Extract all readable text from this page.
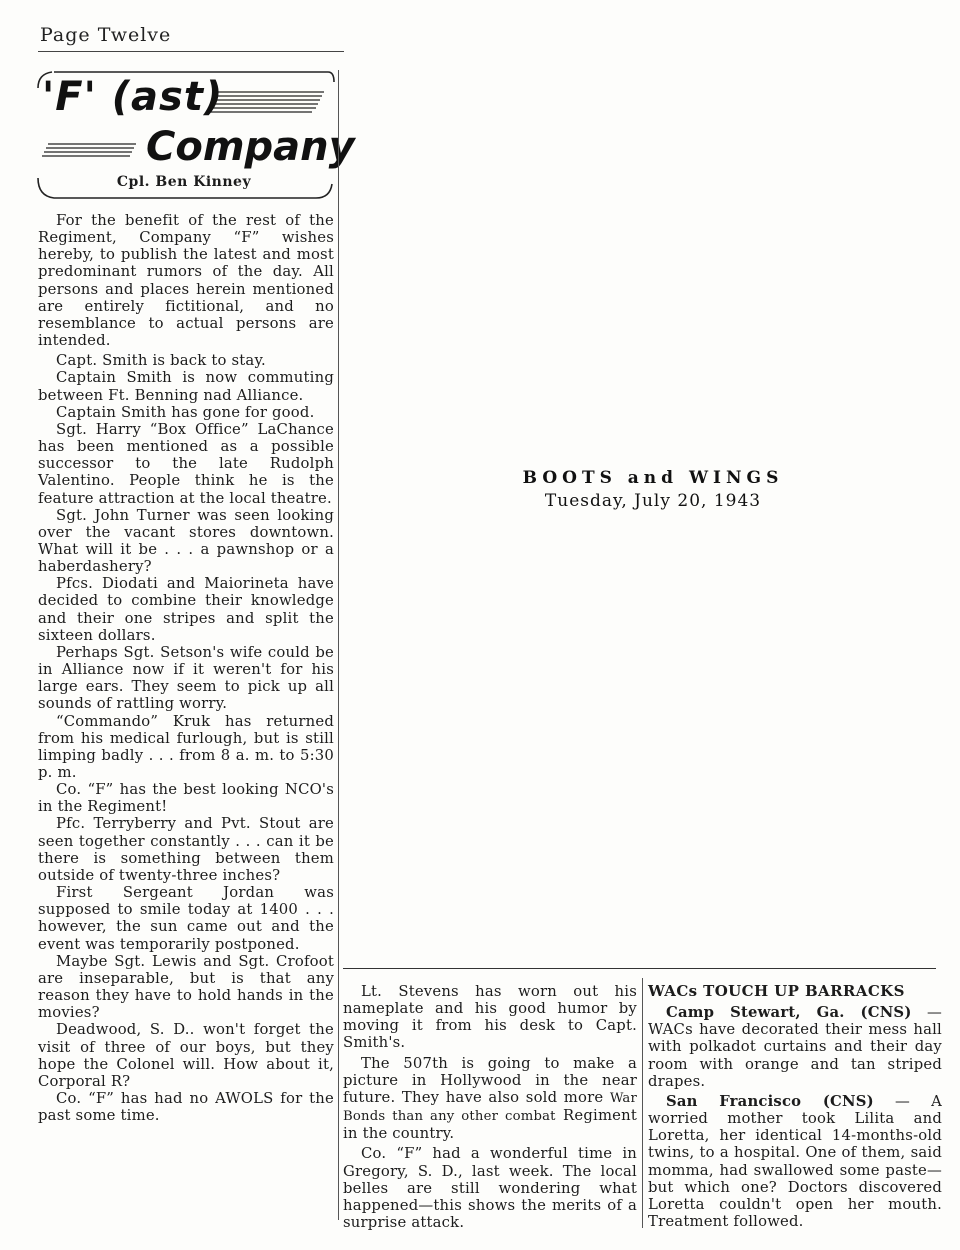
Page Twelve
'F' (ast)
Company
Cpl. Ben Kinney

For the benefit of the rest of the Regiment, Company “F” wishes hereby, to publish the latest and most predominant rumors of the day. All persons and places herein mentioned are entirely fictitional, and no resemblance to actual persons are intended.

Capt. Smith is back to stay.

Captain Smith is now commuting between Ft. Benning nad Alliance.

Captain Smith has gone for good.

Sgt. Harry “Box Office” LaChance has been mentioned as a possible successor to the late Rudolph Valentino. People think he is the feature attraction at the local theatre.

Sgt. John Turner was seen looking over the vacant stores downtown. What will it be . . . a pawnshop or a haberdashery?

Pfcs. Diodati and Maiorineta have decided to combine their knowledge and their one stripes and split the sixteen dollars.

Perhaps Sgt. Setson's wife could be in Alliance now if it weren't for his large ears. They seem to pick up all sounds of rattling worry.

“Commando” Kruk has returned from his medical furlough, but is still limping badly . . . from 8 a. m. to 5:30 p. m.

Co. “F” has the best looking NCO's in the Regiment!

Pfc. Terryberry and Pvt. Stout are seen together constantly . . . can it be there is something between them outside of twenty-three inches?

First Sergeant Jordan was supposed to smile today at 1400 . . . however, the sun came out and the event was temporarily postponed.

Maybe Sgt. Lewis and Sgt. Crofoot are inseparable, but is that any reason they have to hold hands in the movies?

Deadwood, S. D.. won't forget the visit of three of our boys, but they hope the Colonel will. How about it, Corporal R?

Co. “F” has had no AWOLS for the past some time.

BOOTS and WINGS
Tuesday, July 20, 1943

Lt. Stevens has worn out his nameplate and his good humor by moving it from his desk to Capt. Smith's.

The 507th is going to make a picture in Hollywood in the near future. They have also sold more War Bonds than any other combat Regiment in the country.

Co. “F” had a wonderful time in Gregory, S. D., last week. The local belles are still wondering what happened—this shows the merits of a surprise attack.

WACs TOUCH UP BARRACKS

Camp Stewart, Ga. (CNS) — WACs have decorated their mess hall with polkadot curtains and their day room with orange and tan striped drapes.

San Francisco (CNS) — A worried mother took Lilita and Loretta, her identical 14-months-old twins, to a hospital. One of them, said momma, had swallowed some paste—but which one? Doctors discovered Loretta couldn't open her mouth. Treatment followed.
